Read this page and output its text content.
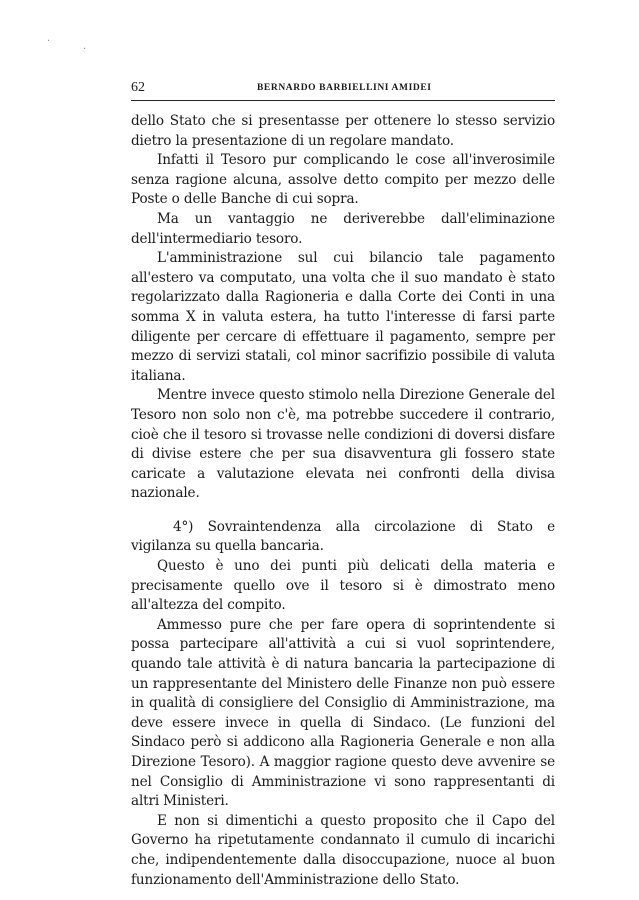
·
·
62	BERNARDO BARBIELLINI AMIDEI

dello Stato che si presentasse per ottenere lo stesso servizio dietro la presentazione di un regolare mandato.

Infatti il Tesoro pur complicando le cose all'inverosimile senza ragione alcuna, assolve detto compito per mezzo delle Poste o delle Banche di cui sopra.

Ma un vantaggio ne deriverebbe dall'eliminazione dell'intermediario tesoro.

L'amministrazione sul cui bilancio tale pagamento all'estero va computato, una volta che il suo mandato è stato regolarizzato dalla Ragioneria e dalla Corte dei Conti in una somma X in valuta estera, ha tutto l'interesse di farsi parte diligente per cercare di effettuare il pagamento, sempre per mezzo di servizi statali, col minor sacrifizio possibile di valuta italiana.

Mentre invece questo stimolo nella Direzione Generale del Tesoro non solo non c'è, ma potrebbe succedere il contrario, cioè che il tesoro si trovasse nelle condizioni di doversi disfare di divise estere che per sua disavventura gli fossero state caricate a valutazione elevata nei confronti della divisa nazionale.

4°) Sovraintendenza alla circolazione di Stato e vigilanza su quella bancaria.

Questo è uno dei punti più delicati della materia e precisamente quello ove il tesoro si è dimostrato meno all'altezza del compito.

Ammesso pure che per fare opera di soprintendente si possa partecipare all'attività a cui si vuol soprintendere, quando tale attività è di natura bancaria la partecipazione di un rappresentante del Ministero delle Finanze non può essere in qualità di consigliere del Consiglio di Amministrazione, ma deve essere invece in quella di Sindaco. (Le funzioni del Sindaco però si addicono alla Ragioneria Generale e non alla Direzione Tesoro). A maggior ragione questo deve avvenire se nel Consiglio di Amministrazione vi sono rappresentanti di altri Ministeri.

E non si dimentichi a questo proposito che il Capo del Governo ha ripetutamente condannato il cumulo di incarichi che, indipendentemente dalla disoccupazione, nuoce al buon funzionamento dell'Amministrazione dello Stato.
